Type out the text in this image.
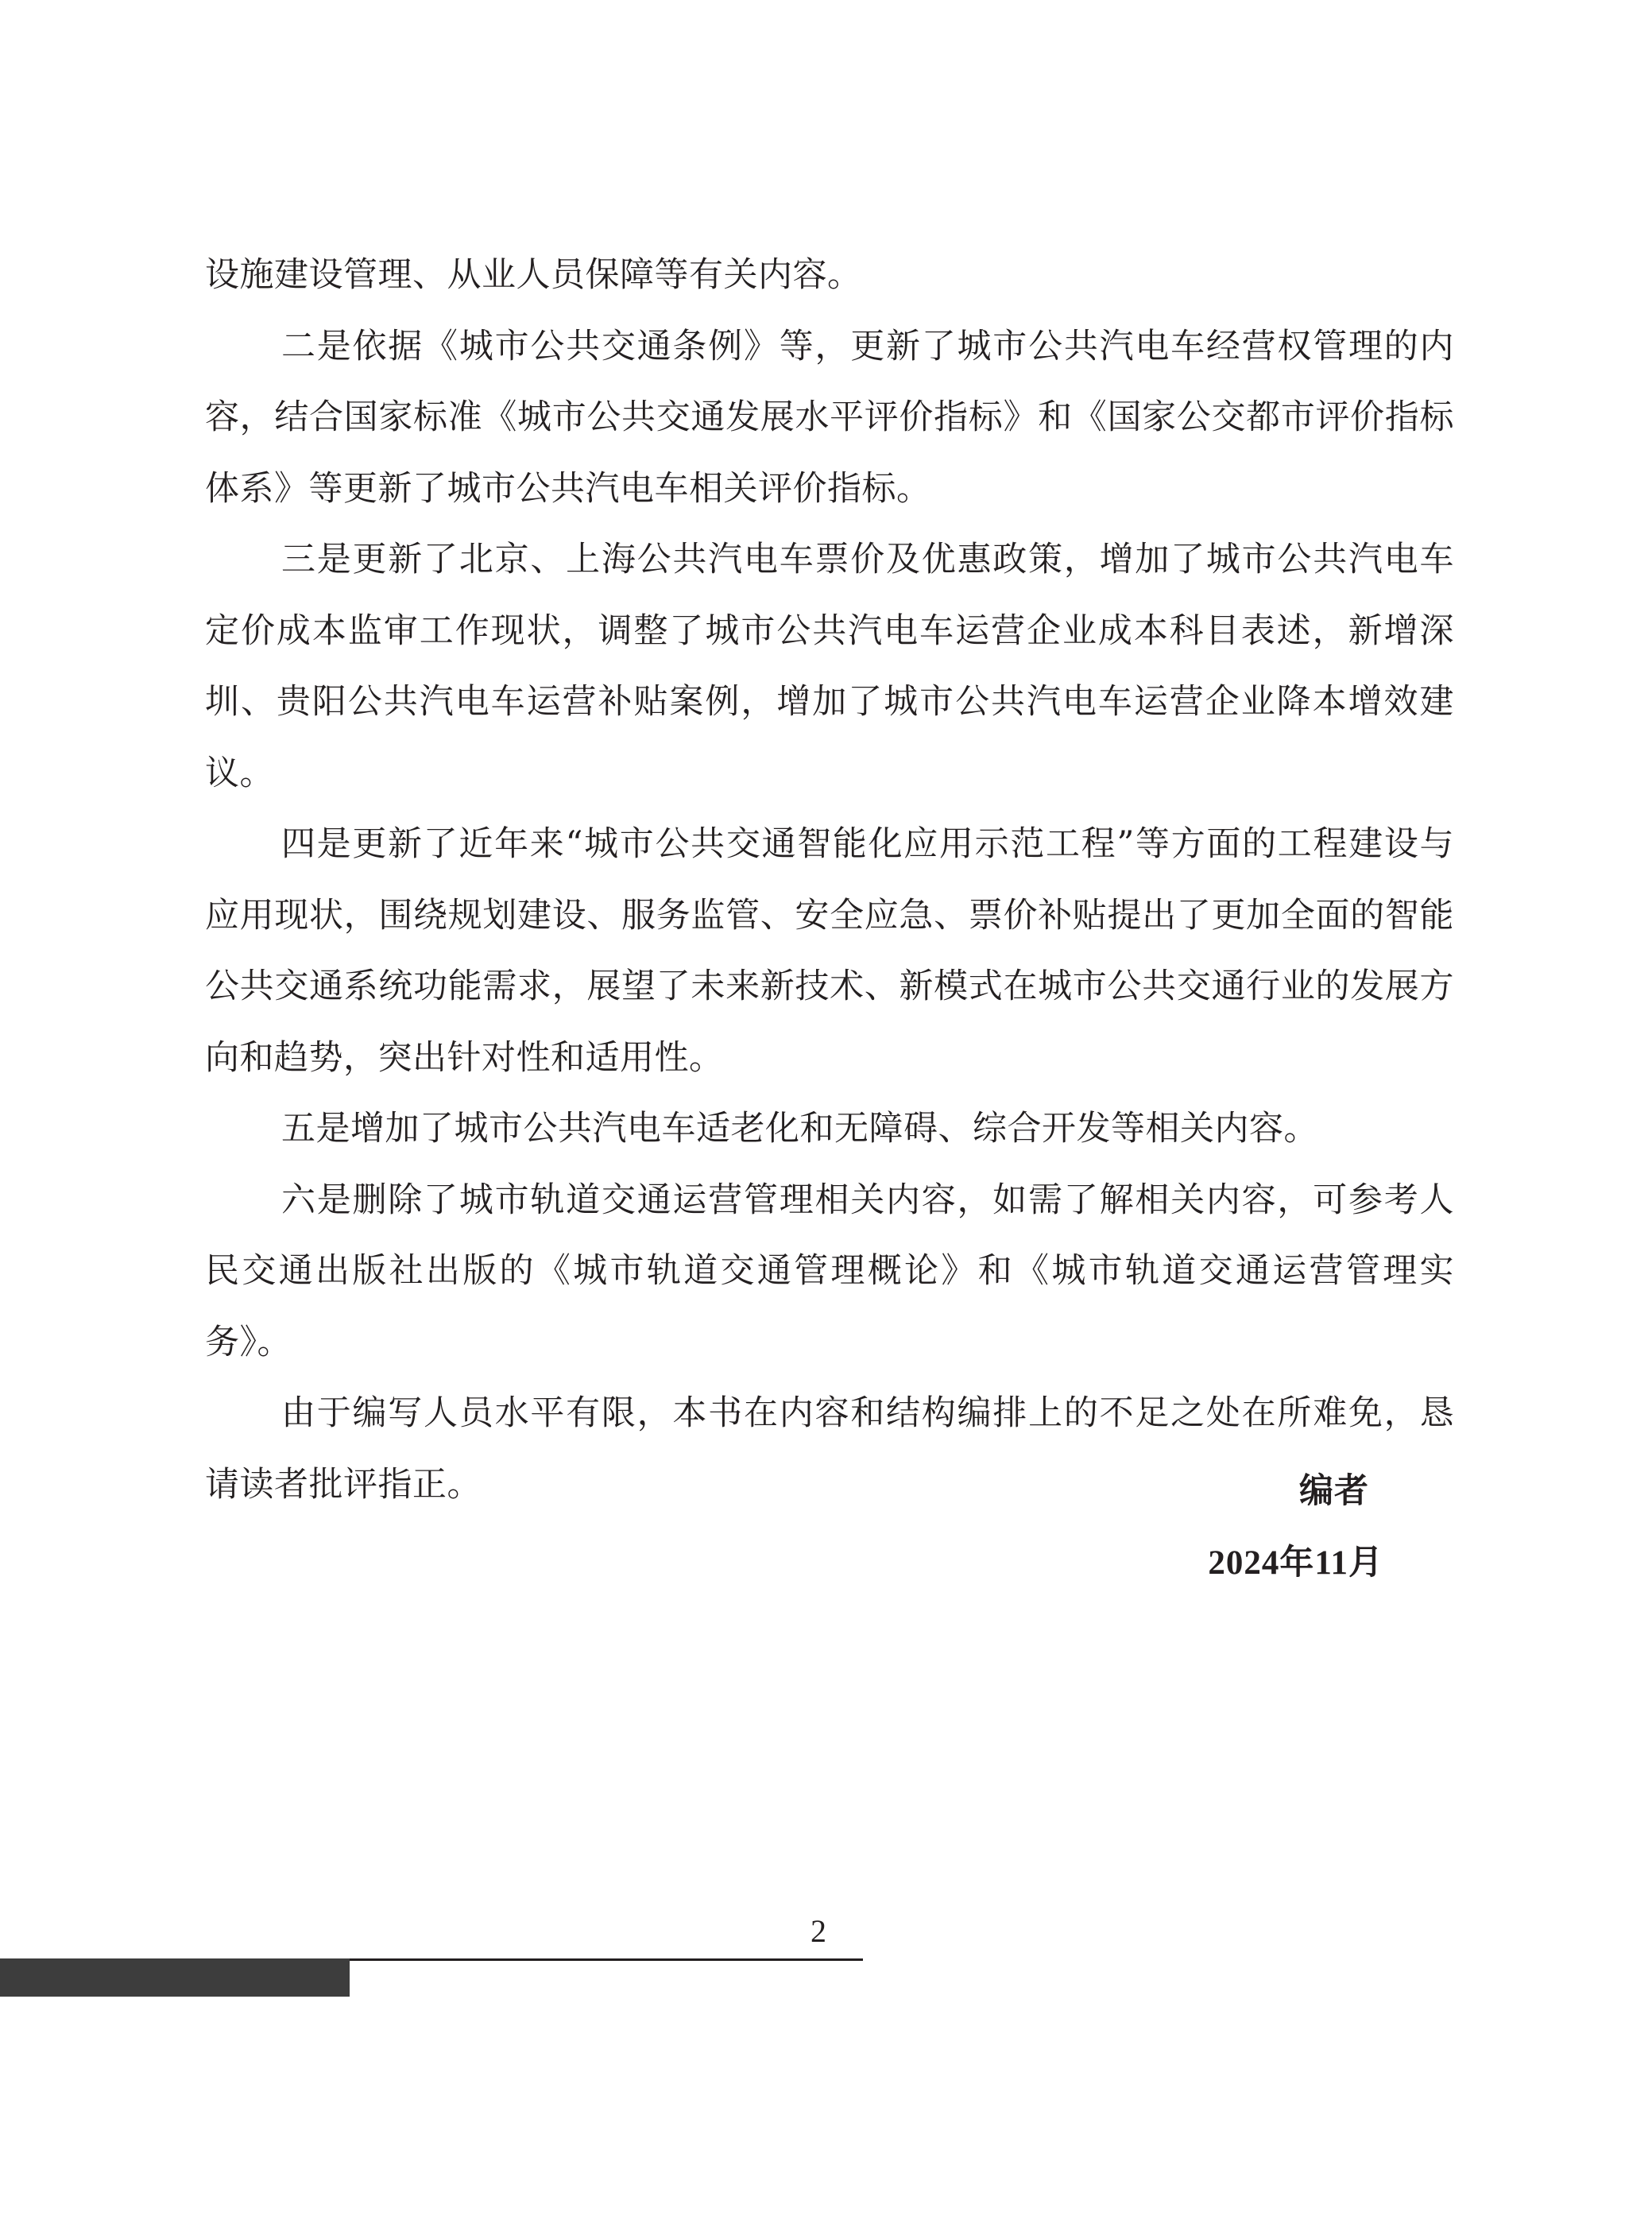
设施建设管理、从业人员保障等有关内容。

二是依据《城市公共交通条例》等，更新了城市公共汽电车经营权管理的内容，结合国家标准《城市公共交通发展水平评价指标》和《国家公交都市评价指标体系》等更新了城市公共汽电车相关评价指标。

三是更新了北京、上海公共汽电车票价及优惠政策，增加了城市公共汽电车定价成本监审工作现状，调整了城市公共汽电车运营企业成本科目表述，新增深圳、贵阳公共汽电车运营补贴案例，增加了城市公共汽电车运营企业降本增效建议。

四是更新了近年来“城市公共交通智能化应用示范工程”等方面的工程建设与应用现状，围绕规划建设、服务监管、安全应急、票价补贴提出了更加全面的智能公共交通系统功能需求，展望了未来新技术、新模式在城市公共交通行业的发展方向和趋势，突出针对性和适用性。

五是增加了城市公共汽电车适老化和无障碍、综合开发等相关内容。

六是删除了城市轨道交通运营管理相关内容，如需了解相关内容，可参考人民交通出版社出版的《城市轨道交通管理概论》和《城市轨道交通运营管理实务》。

由于编写人员水平有限，本书在内容和结构编排上的不足之处在所难免，恳请读者批评指正。	编者
2024年11月
2
